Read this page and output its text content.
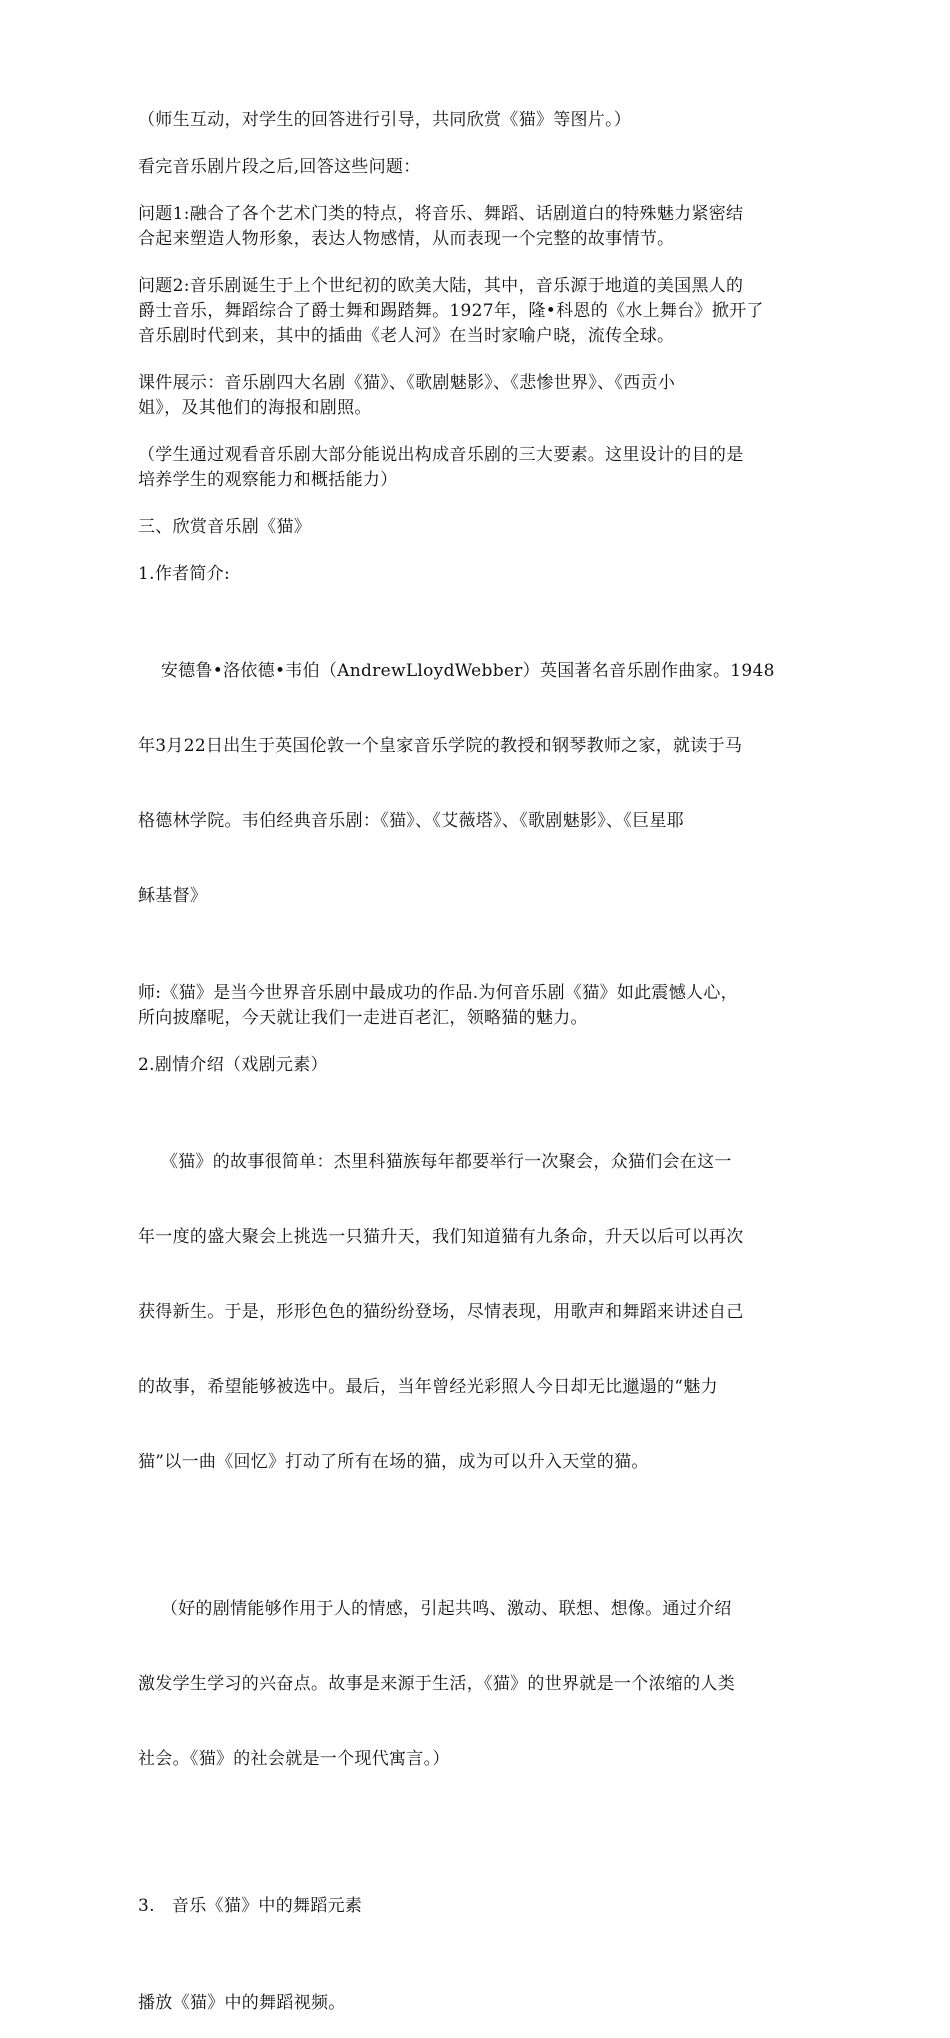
（师生互动，对学生的回答进行引导，共同欣赏《猫》等图片。）

看完音乐剧片段之后,回答这些问题：

问题1:融合了各个艺术门类的特点，将音乐、舞蹈、话剧道白的特殊魅力紧密结
合起来塑造人物形象，表达人物感情，从而表现一个完整的故事情节。

问题2:音乐剧诞生于上个世纪初的欧美大陆，其中，音乐源于地道的美国黑人的
爵士音乐，舞蹈综合了爵士舞和踢踏舞。1927年，隆•科恩的《水上舞台》掀开了
音乐剧时代到来，其中的插曲《老人河》在当时家喻户晓，流传全球。

课件展示：音乐剧四大名剧《猫》、《歌剧魅影》、《悲惨世界》、《西贡小
姐》，及其他们的海报和剧照。

（学生通过观看音乐剧大部分能说出构成音乐剧的三大要素。这里设计的目的是
培养学生的观察能力和概括能力）

三、欣赏音乐剧《猫》

1.作者简介:

安德鲁•洛依德•韦伯（AndrewLloydWebber）英国著名音乐剧作曲家。1948

年3月22日出生于英国伦敦一个皇家音乐学院的教授和钢琴教师之家，就读于马

格德林学院。韦伯经典音乐剧：《猫》、《艾薇塔》、《歌剧魅影》、《巨星耶

稣基督》

师:《猫》是当今世界音乐剧中最成功的作品.为何音乐剧《猫》如此震憾人心，
所向披靡呢，今天就让我们一走进百老汇，领略猫的魅力。

2.剧情介绍（戏剧元素）

《猫》的故事很简单：杰里科猫族每年都要举行一次聚会，众猫们会在这一

年一度的盛大聚会上挑选一只猫升天，我们知道猫有九条命，升天以后可以再次

获得新生。于是，形形色色的猫纷纷登场，尽情表现，用歌声和舞蹈来讲述自己

的故事，希望能够被选中。最后，当年曾经光彩照人今日却无比邋遢的“魅力

猫”以一曲《回忆》打动了所有在场的猫，成为可以升入天堂的猫。

（好的剧情能够作用于人的情感，引起共鸣、激动、联想、想像。通过介绍

激发学生学习的兴奋点。故事是来源于生活，《猫》的世界就是一个浓缩的人类

社会。《猫》的社会就是一个现代寓言。）

3.   音乐《猫》中的舞蹈元素

播放《猫》中的舞蹈视频。
